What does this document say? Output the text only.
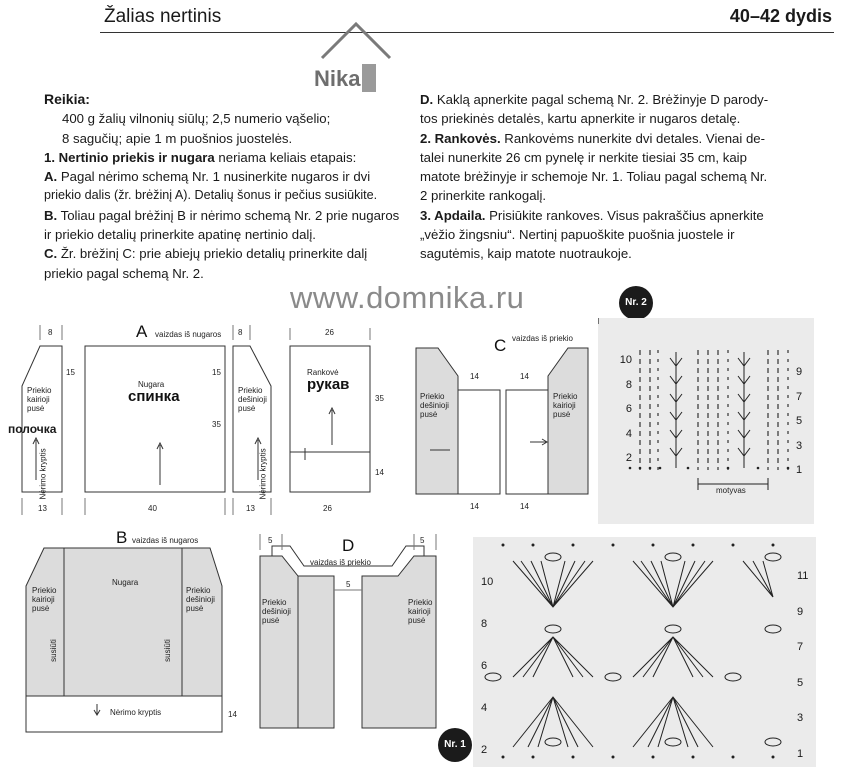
Žalias nertinis	40–42 dydis
Nika

Reikia:

400 g žalių vilnonių siūlų; 2,5 numerio vąšelio;

8 sagučių; apie 1 m puošnios juostelės.

1. Nertinio priekis ir nugara neriama keliais etapais:

A. Pagal nėrimo schemą Nr. 1 nusinerkite nugaros ir dvi

priekio dalis (žr. brėžinį A). Detalių šonus ir pečius susiūkite.

B. Toliau pagal brėžinį B ir nėrimo schemą Nr. 2 prie nugaros

ir priekio detalių prinerkite apatinę nertinio dalį.

C. Žr. brėžinį C: prie abiejų priekio detalių prinerkite dalį

priekio pagal schemą Nr. 2.

D. Kaklą apnerkite pagal schemą Nr. 2. Brėžinyje D parody-

tos priekinės detalės, kartu apnerkite ir nugaros detalę.

2. Rankovės. Rankovėms nunerkite dvi detales. Vienai de-

talei nunerkite 26 cm pynelę ir nerkite tiesiai 35 cm, kaip

matote brėžinyje ir schemoje Nr. 1. Toliau pagal schemą Nr.

2 prinerkite rankogalį.

3. Apdaila. Prisiūkite rankoves. Visus pakraščius apnerkite

„vėžio žingsniu“. Nertinį papuoškite puošnia juostele ir

sagutėmis, kaip matote nuotraukoje.

www.domnika.ru
A vaizdas iš nugaros
8	8
15	15
35
13	40	13
Nugara
спинка
Priekio kairioji pusė
полочка
Priekio dešinioji pusė
Nėrimo kryptis	Nėrimo kryptis
26
35
14
26
Rankovė
рукав
C vaizdas iš priekio
Priekio dešinioji pusė
Priekio kairioji pusė
14	14
14	14
Nr. 2
10
8
6
4
2
9
7
5
3
1
motyvas
B vaizdas iš nugaros
Nugara
Priekio kairioji pusė
Priekio dešinioji pusė
susiūti	susiūti
Nėrimo kryptis	14
D
vaizdas iš priekio
5
5
5
Priekio dešinioji pusė
Priekio kairioji pusė
Nr. 1
10
8
6
4
2
11
9
7
5
3
1
